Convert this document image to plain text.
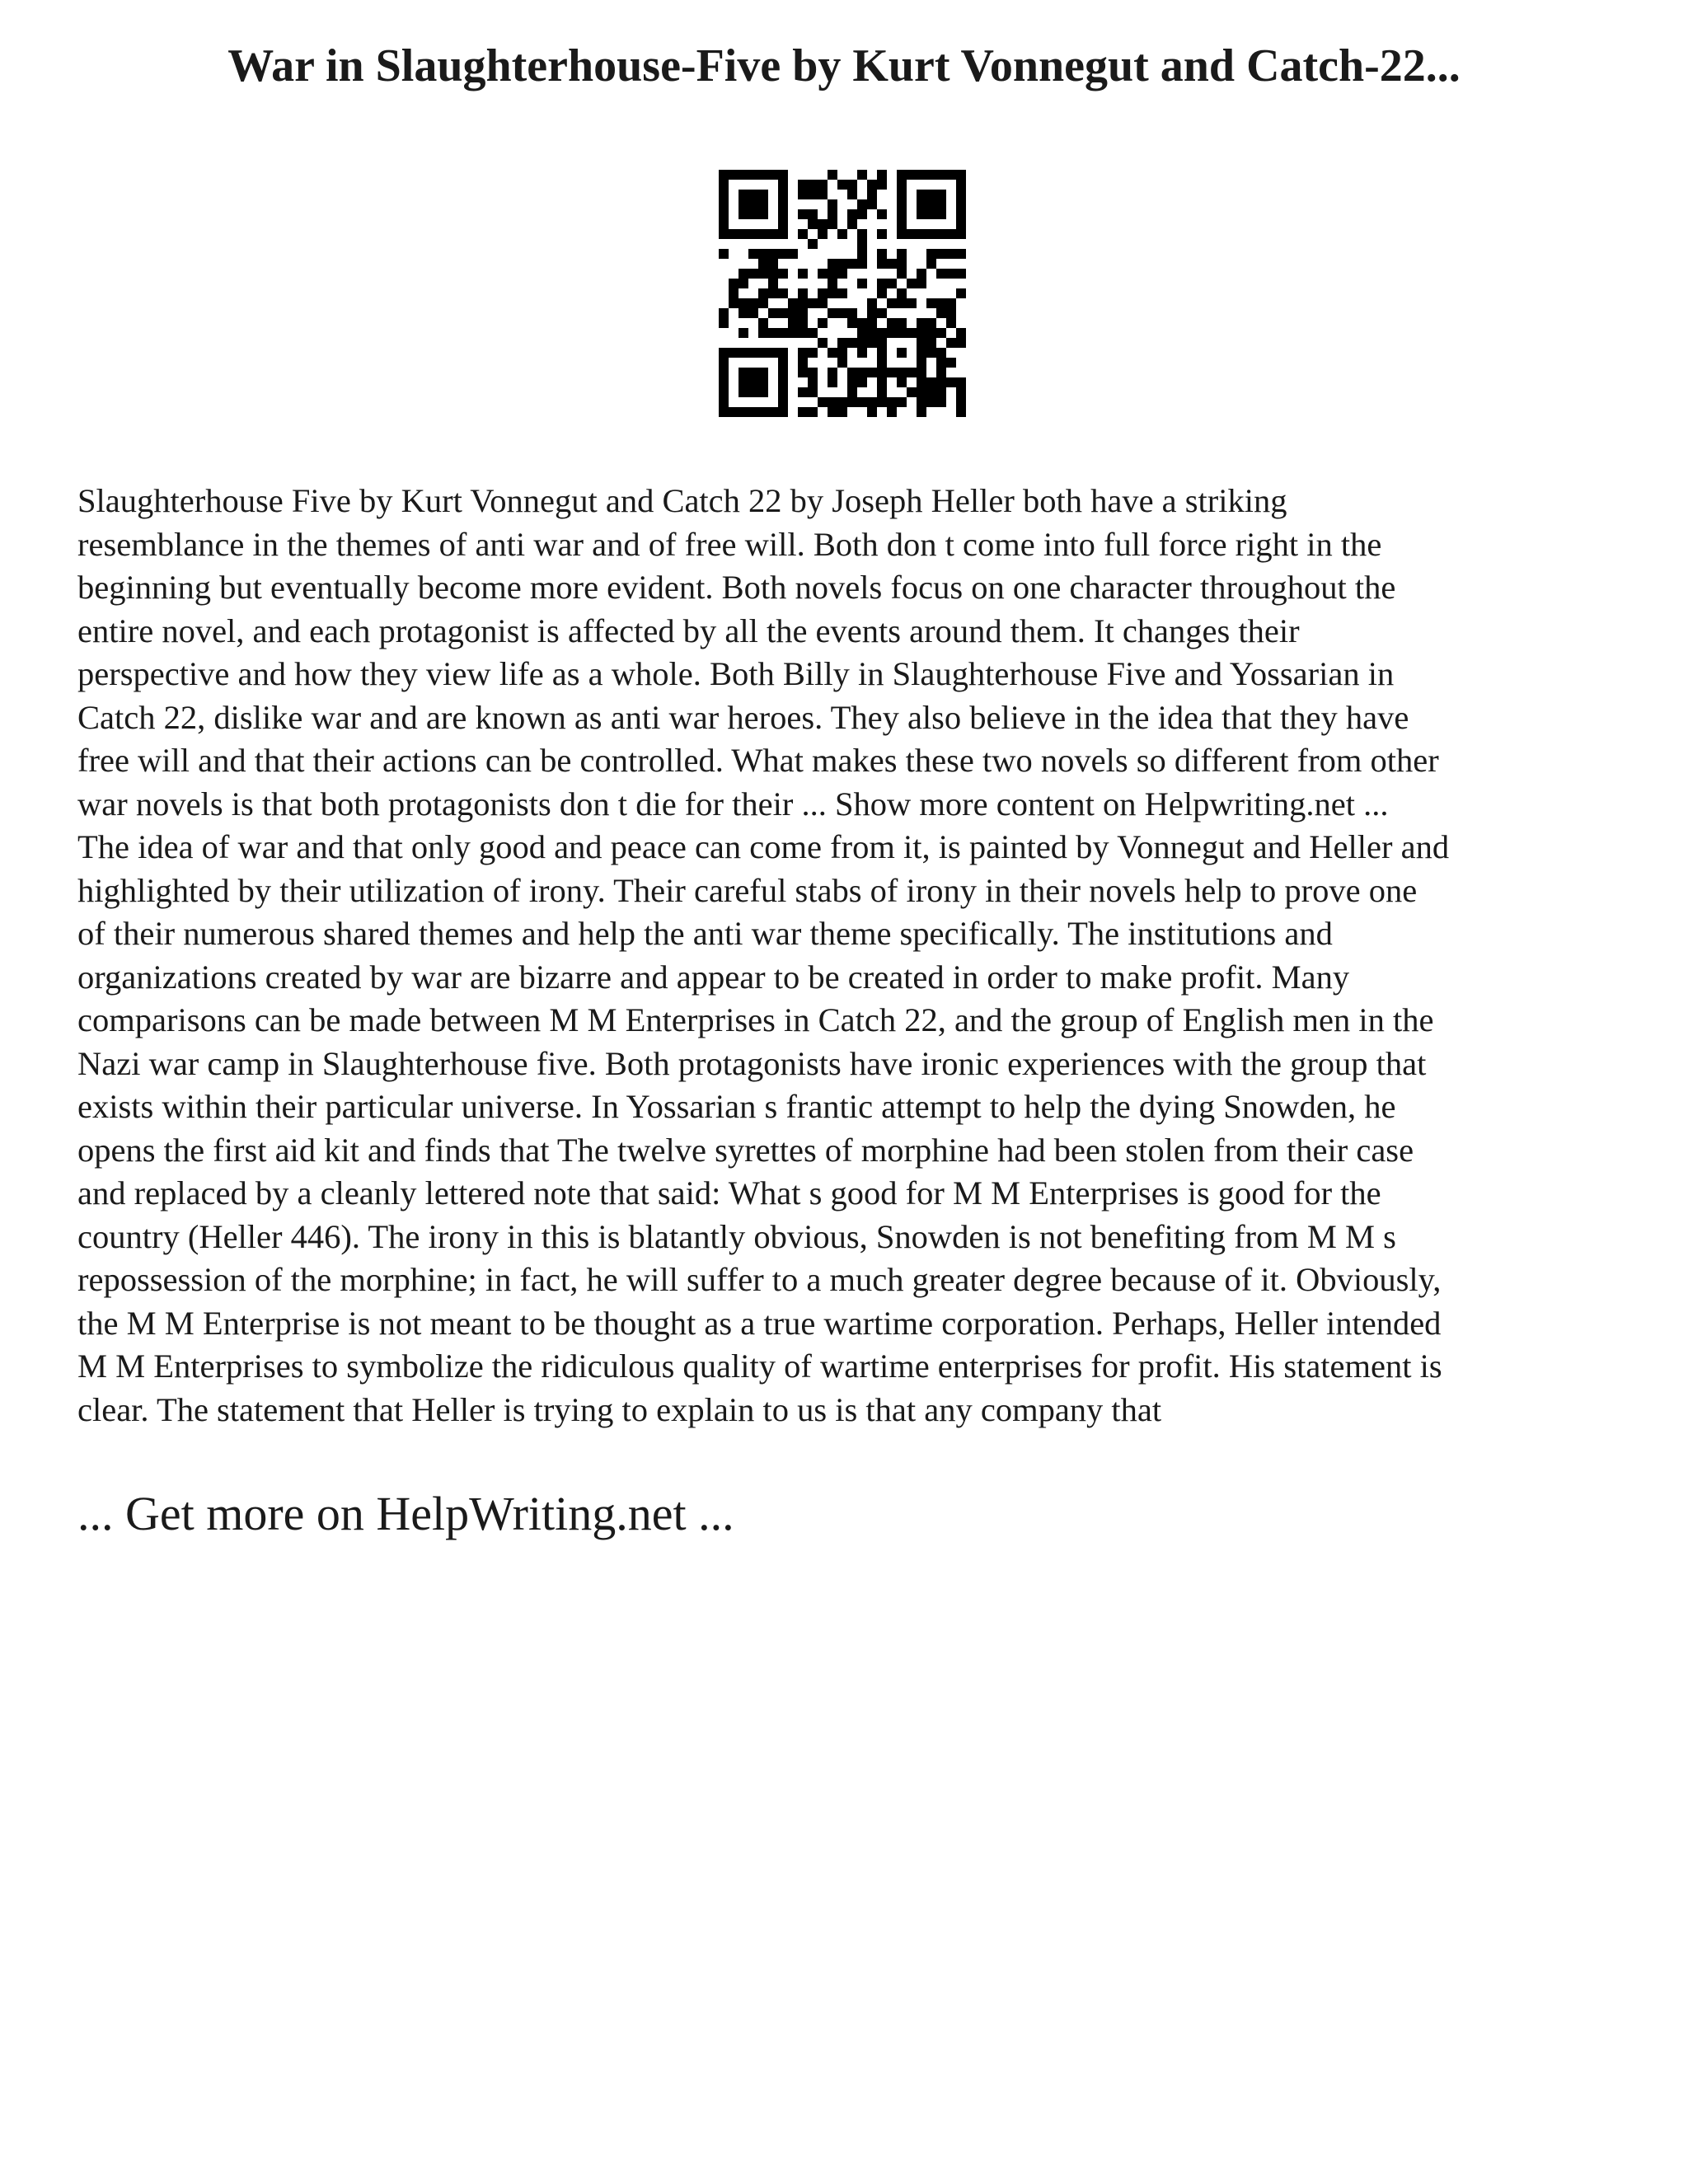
War in Slaughterhouse-Five by Kurt Vonnegut and Catch-22...
Slaughterhouse Five by Kurt Vonnegut and Catch 22 by Joseph Heller both have a striking
resemblance in the themes of anti war and of free will. Both don t come into full force right in the
beginning but eventually become more evident. Both novels focus on one character throughout the
entire novel, and each protagonist is affected by all the events around them. It changes their
perspective and how they view life as a whole. Both Billy in Slaughterhouse Five and Yossarian in
Catch 22, dislike war and are known as anti war heroes. They also believe in the idea that they have
free will and that their actions can be controlled. What makes these two novels so different from other
war novels is that both protagonists don t die for their ... Show more content on Helpwriting.net ...
The idea of war and that only good and peace can come from it, is painted by Vonnegut and Heller and
highlighted by their utilization of irony. Their careful stabs of irony in their novels help to prove one
of their numerous shared themes and help the anti war theme specifically. The institutions and
organizations created by war are bizarre and appear to be created in order to make profit. Many
comparisons can be made between M M Enterprises in Catch 22, and the group of English men in the
Nazi war camp in Slaughterhouse five. Both protagonists have ironic experiences with the group that
exists within their particular universe. In Yossarian s frantic attempt to help the dying Snowden, he
opens the first aid kit and finds that The twelve syrettes of morphine had been stolen from their case
and replaced by a cleanly lettered note that said: What s good for M M Enterprises is good for the
country (Heller 446). The irony in this is blatantly obvious, Snowden is not benefiting from M M s
repossession of the morphine; in fact, he will suffer to a much greater degree because of it. Obviously,
the M M Enterprise is not meant to be thought as a true wartime corporation. Perhaps, Heller intended
M M Enterprises to symbolize the ridiculous quality of wartime enterprises for profit. His statement is
clear. The statement that Heller is trying to explain to us is that any company that
... Get more on HelpWriting.net ...
